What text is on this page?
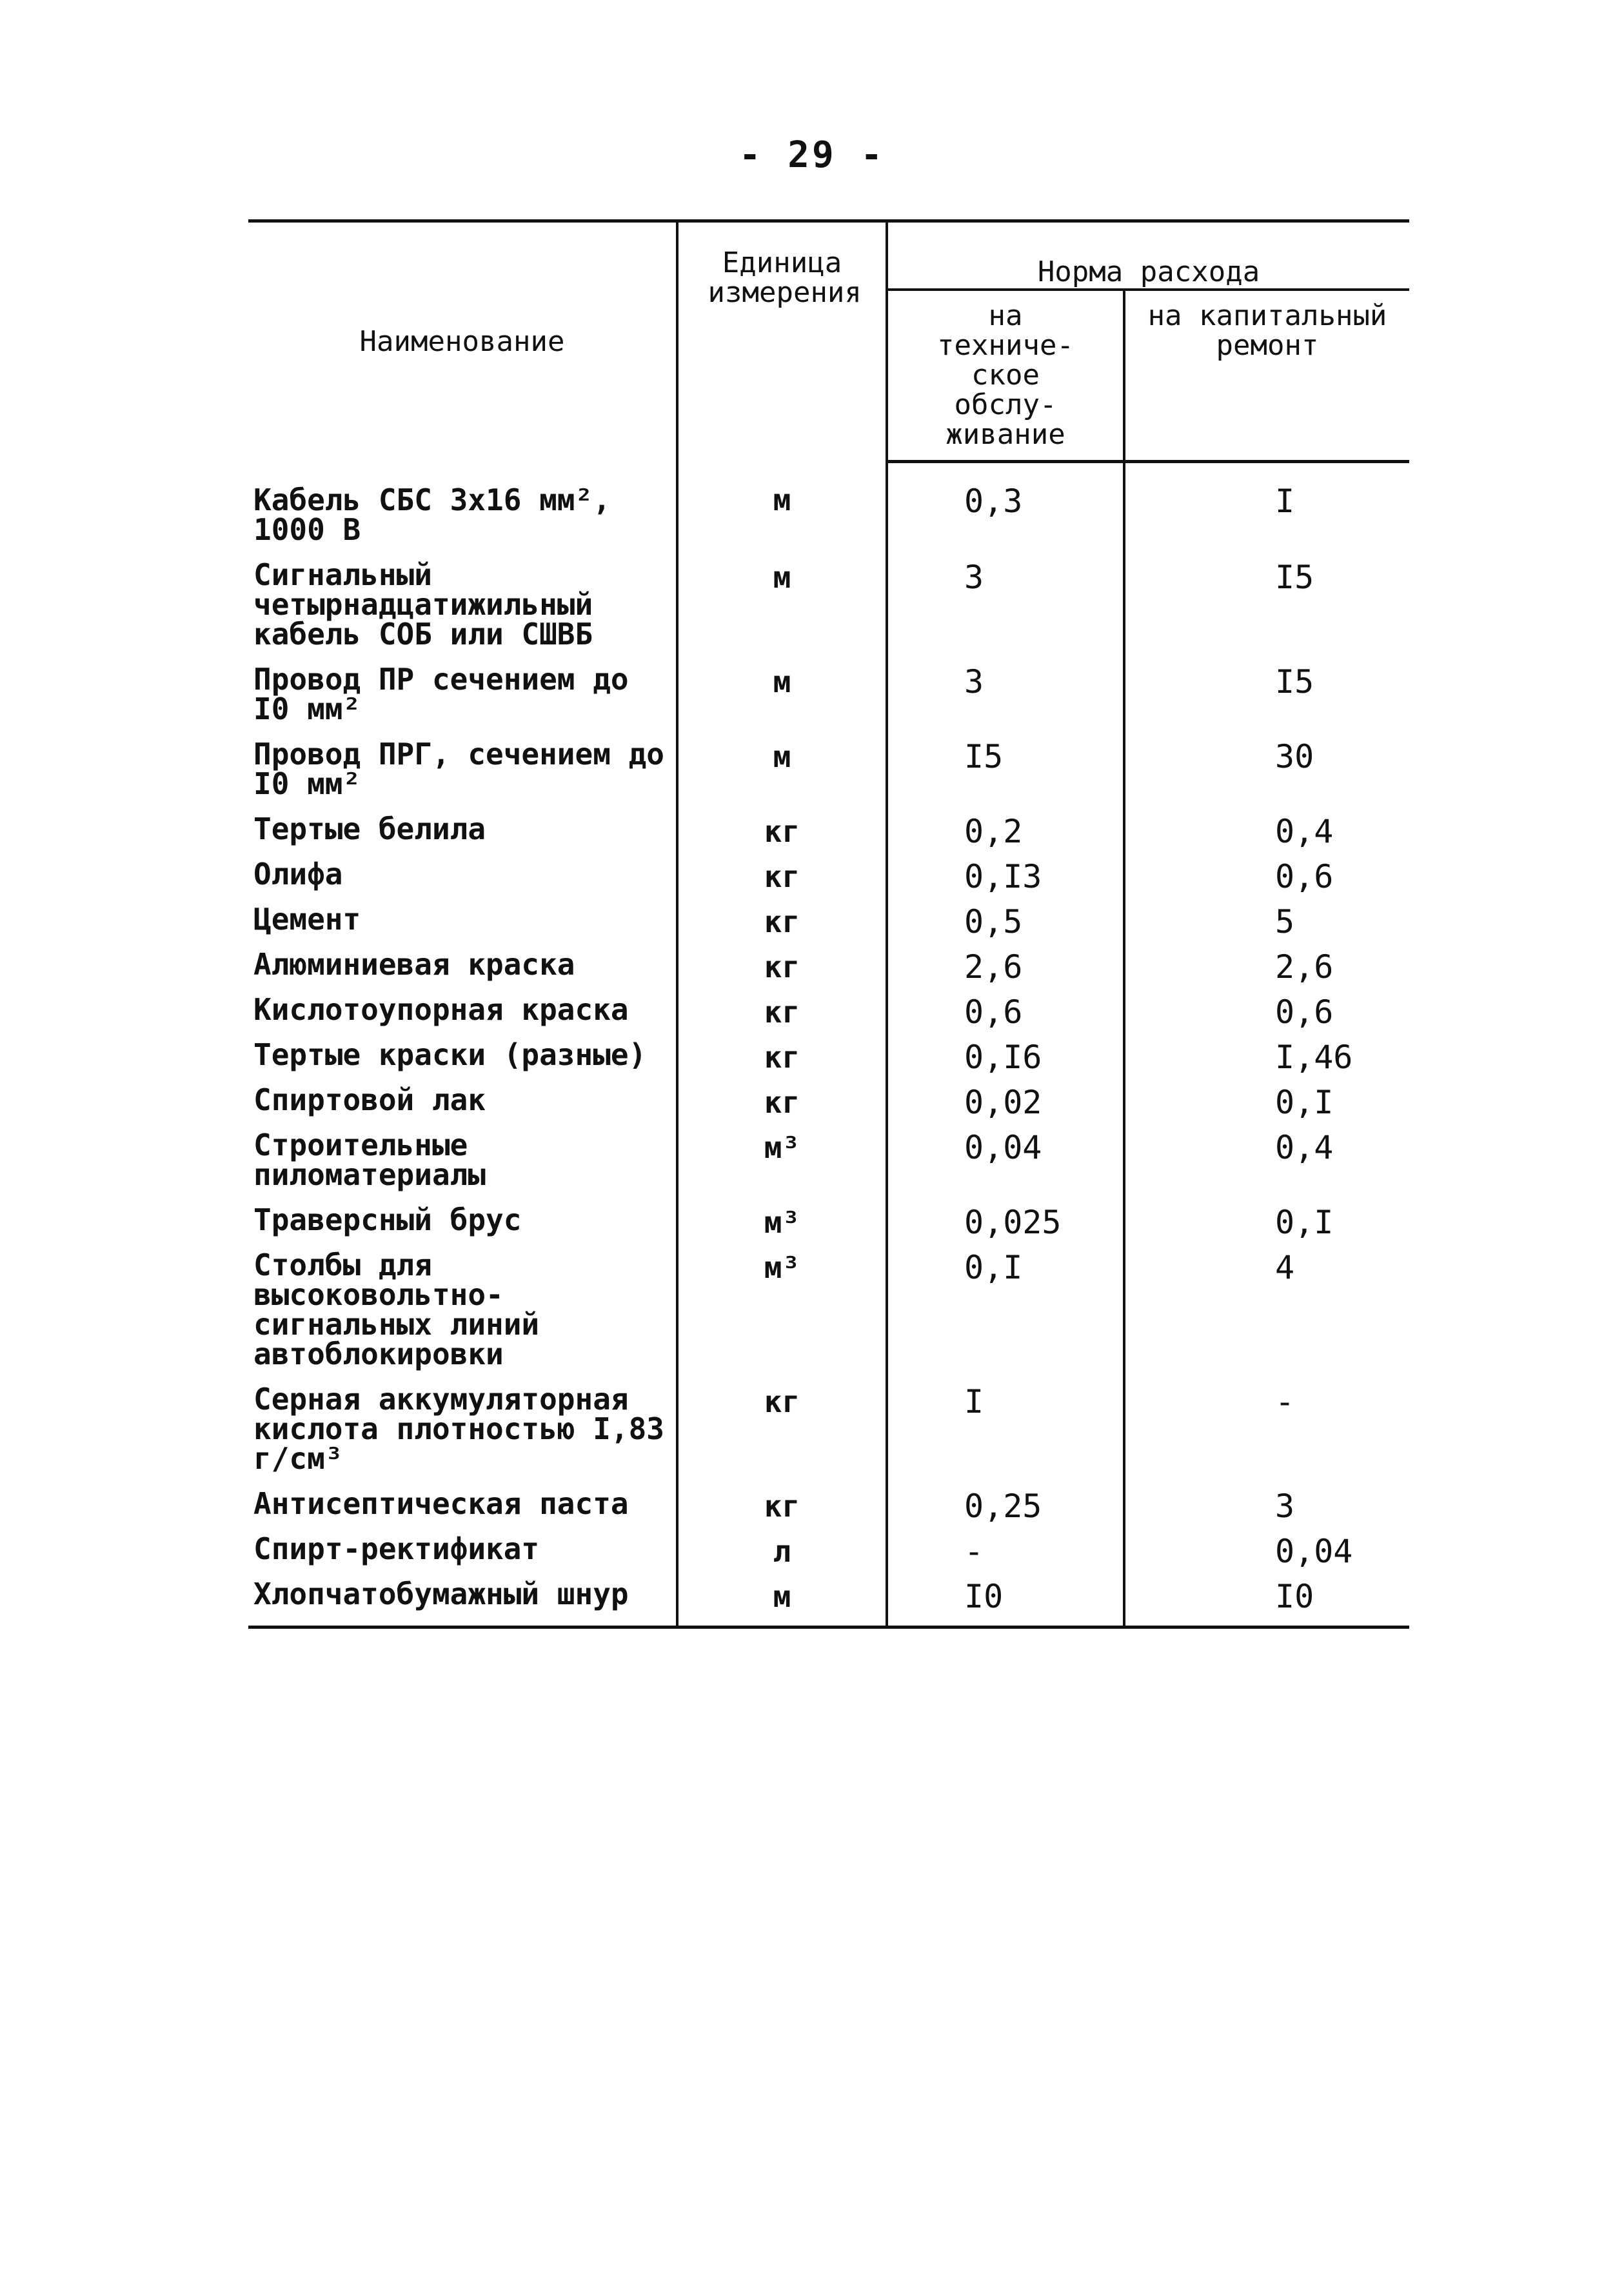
- 29 -
Наименование	Единица измерения	Норма расхода	
		на техниче-ское обслу-живание	на капитальный ремонт
Кабель СБС 3х16 мм², 1000 В	м	0,3	I
Сигнальный четырнадцатижильный кабель СОБ или СШВБ	м	3	I5
Провод ПР сечением до I0 мм²	м	3	I5
Провод ПРГ, сечением до I0 мм²	м	I5	30
Тертые белила	кг	0,2	0,4
Олифа	кг	0,I3	0,6
Цемент	кг	0,5	5
Алюминиевая краска	кг	2,6	2,6
Кислотоупорная краска	кг	0,6	0,6
Тертые краски (разные)	кг	0,I6	I,46
Спиртовой лак	кг	0,02	0,I
Строительные пиломатериалы	м³	0,04	0,4
Траверсный брус	м³	0,025	0,I
Столбы для высоковольтно-сигнальных линий автоблокировки	м³	0,I	4
Серная аккумуляторная кислота плотностью I,83 г/см³	кг	I	-
Антисептическая паста	кг	0,25	3
Спирт-ректификат	л	-	0,04
Хлопчатобумажный шнур	м	I0	I0
